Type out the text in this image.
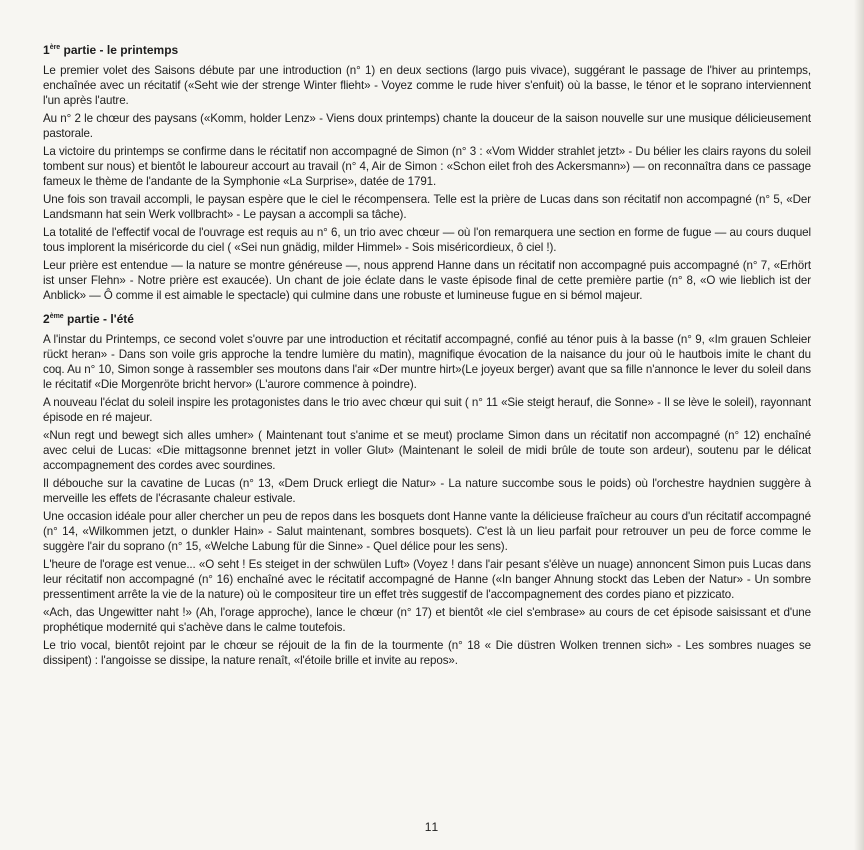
1ère partie - le printemps

Le premier volet des Saisons débute par une introduction (n° 1) en deux sections (largo puis vivace), suggérant le passage de l'hiver au printemps, enchaînée avec un récitatif («Seht wie der strenge Winter flieht» - Voyez comme le rude hiver s'enfuit) où la basse, le ténor et le soprano interviennent l'un après l'autre.

Au n° 2 le chœur des paysans («Komm, holder Lenz» - Viens doux printemps) chante la douceur de la saison nouvelle sur une musique délicieusement pastorale.

La victoire du printemps se confirme dans le récitatif non accompagné de Simon (n° 3 : «Vom Widder strahlet jetzt» - Du bélier les clairs rayons du soleil tombent sur nous) et bientôt le laboureur accourt au travail (n° 4, Air de Simon : «Schon eilet froh des Ackersmann») — on reconnaîtra dans ce passage fameux le thème de l'andante de la Symphonie «La Surprise», datée de 1791.

Une fois son travail accompli, le paysan espère que le ciel le récompensera. Telle est la prière de Lucas dans son récitatif non accompagné (n° 5, «Der Landsmann hat sein Werk vollbracht» - Le paysan a accompli sa tâche).

La totalité de l'effectif vocal de l'ouvrage est requis au n° 6, un trio avec chœur — où l'on remarquera une section en forme de fugue — au cours duquel tous implorent la miséricorde du ciel ( «Sei nun gnädig, milder Himmel» - Sois miséricordieux, ô ciel !).

Leur prière est entendue — la nature se montre généreuse —, nous apprend Hanne dans un récitatif non accompagné puis accompagné (n° 7, «Erhört ist unser Flehn» - Notre prière est exaucée). Un chant de joie éclate dans le vaste épisode final de cette première partie (n° 8, «O wie lieblich ist der Anblick» — Ô comme il est aimable le spectacle) qui culmine dans une robuste et lumineuse fugue en si bémol majeur.

2ème partie - l'été

A l'instar du Printemps, ce second volet s'ouvre par une introduction et récitatif accompagné, confié au ténor puis à la basse (n° 9, «Im grauen Schleier rückt heran» - Dans son voile gris approche la tendre lumière du matin), magnifique évocation de la naisance du jour où le hautbois imite le chant du coq. Au n° 10, Simon songe à rassembler ses moutons dans l'air «Der muntre hirt»(Le joyeux berger) avant que sa fille n'annonce le lever du soleil dans le récitatif «Die Morgenröte bricht hervor» (L'aurore commence à poindre).

A nouveau l'éclat du soleil inspire les protagonistes dans le trio avec chœur qui suit ( n° 11 «Sie steigt herauf, die Sonne» - Il se lève le soleil), rayonnant épisode en ré majeur.

«Nun regt und bewegt sich alles umher» ( Maintenant tout s'anime et se meut) proclame Simon dans un récitatif non accompagné (n° 12) enchaîné avec celui de Lucas: «Die mittagsonne brennet jetzt in voller Glut» (Maintenant le soleil de midi brûle de toute son ardeur), soutenu par le délicat accompagnement des cordes avec sourdines.

Il débouche sur la cavatine de Lucas (n° 13, «Dem Druck erliegt die Natur» - La nature succombe sous le poids) où l'orchestre haydnien suggère à merveille les effets de l'écrasante chaleur estivale.

Une occasion idéale pour aller chercher un peu de repos dans les bosquets dont Hanne vante la délicieuse fraîcheur au cours d'un récitatif accompagné (n° 14, «Wilkommen jetzt, o dunkler Hain» - Salut maintenant, sombres bosquets). C'est là un lieu parfait pour retrouver un peu de force comme le suggère l'air du soprano (n° 15, «Welche Labung für die Sinne» - Quel délice pour les sens).

L'heure de l'orage est venue... «O seht ! Es steiget in der schwülen Luft» (Voyez ! dans l'air pesant s'élève un nuage) annoncent Simon puis Lucas dans leur récitatif non accompagné (n° 16) enchaîné avec le récitatif accompagné de Hanne («In banger Ahnung stockt das Leben der Natur» - Un sombre pressentiment arrête la vie de la nature) où le compositeur tire un effet très suggestif de l'accompagnement des cordes piano et pizzicato.

«Ach, das Ungewitter naht !» (Ah, l'orage approche), lance le chœur (n° 17) et bientôt «le ciel s'embrase» au cours de cet épisode saisissant et d'une prophétique modernité qui s'achève dans le calme toutefois.

Le trio vocal, bientôt rejoint par le chœur se réjouit de la fin de la tourmente (n° 18 « Die düstren Wolken trennen sich» - Les sombres nuages se dissipent) : l'angoisse se dissipe, la nature renaît, «l'étoile brille et invite au repos».

11
